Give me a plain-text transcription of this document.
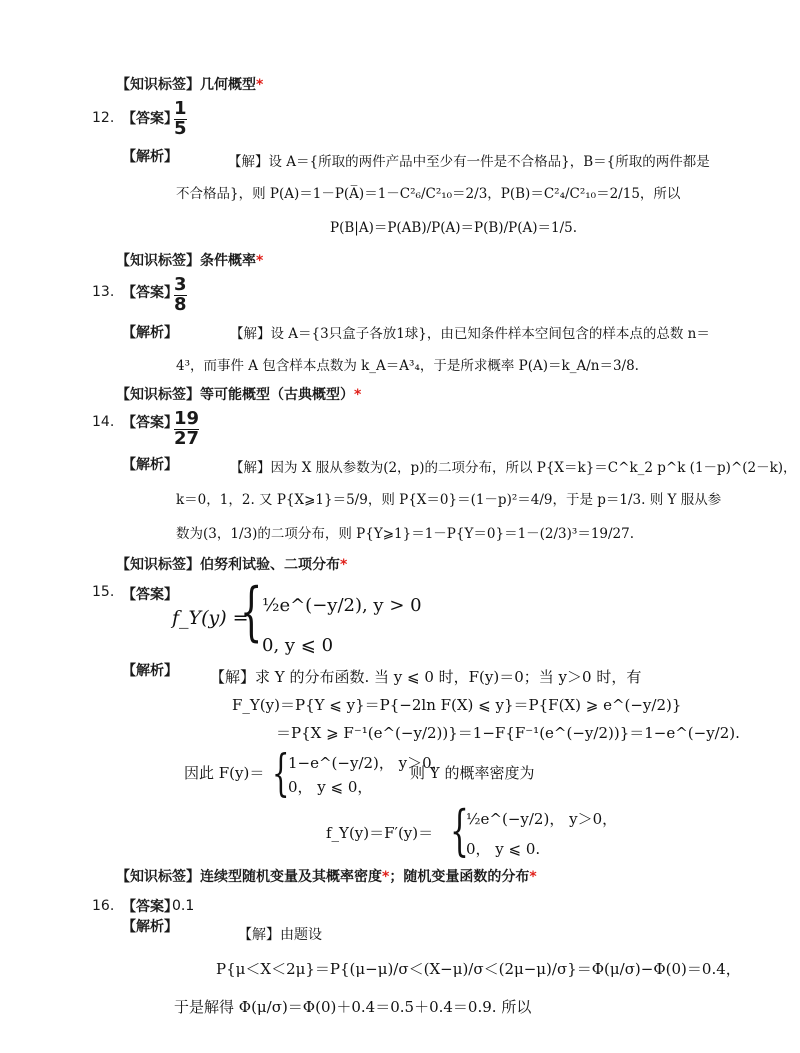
【知识标签】几何概型*
12. 【答案】
$\frac{1}{5}$
【解析】	【解】设 A＝{所取的两件产品中至少有一件是不合格品}，B＝{所取的两件都是
不合格品}，则 P(A)＝1－P(A̅)＝1－C²₆/C²₁₀＝2/3，P(B)＝C²₄/C²₁₀＝2/15，所以
P(B|A)＝P(AB)/P(A)＝P(B)/P(A)＝1/5.
【知识标签】条件概率*
13. 【答案】
$\frac{3}{8}$
【解析】	【解】设 A＝{3只盒子各放1球}，由已知条件样本空间包含的样本点的总数 n＝
4³，而事件 A 包含样本点数为 k_A＝A³₄，于是所求概率 P(A)＝k_A/n＝3/8.
【知识标签】等可能概型（古典概型）*
14. 【答案】
$\frac{19}{27}$
【解析】	【解】因为 X 服从参数为(2，p)的二项分布，所以 P{X＝k}＝C^k_2 p^k (1－p)^(2－k)，
k＝0，1，2. 又 P{X⩾1}＝5/9，则 P{X＝0}＝(1－p)²＝4/9，于是 p＝1/3. 则 Y 服从参
数为(3，1/3)的二项分布，则 P{Y⩾1}＝1－P{Y＝0}＝1－(2/3)³＝19/27.
【知识标签】伯努利试验、二项分布*
15. 【答案】
f_Y(y) =
{ ½e^(−y/2), y > 0
0, y ⩽ 0
【解析】 【解】求 Y 的分布函数. 当 y ⩽ 0 时，F(y)＝0；当 y＞0 时，有
F_Y(y)＝P{Y ⩽ y}＝P{−2ln F(X) ⩽ y}＝P{F(X) ⩾ e^(−y/2)}
＝P{X ⩾ F⁻¹(e^(−y/2))}＝1−F{F⁻¹(e^(−y/2))}＝1−e^(−y/2).
因此 F(y)＝ {
1−e^(−y/2)， y＞0，
0， y ⩽ 0，
则 Y 的概率密度为
f_Y(y)＝F′(y)＝ {
½e^(−y/2)， y＞0，
0， y ⩽ 0.
【知识标签】连续型随机变量及其概率密度*；随机变量函数的分布*
16. 【答案】
0.1
【解析】	【解】由题设
P{μ＜X＜2μ}＝P{(μ−μ)/σ＜(X−μ)/σ＜(2μ−μ)/σ}＝Φ(μ/σ)−Φ(0)＝0.4，
于是解得 Φ(μ/σ)＝Φ(0)＋0.4＝0.5＋0.4＝0.9. 所以
